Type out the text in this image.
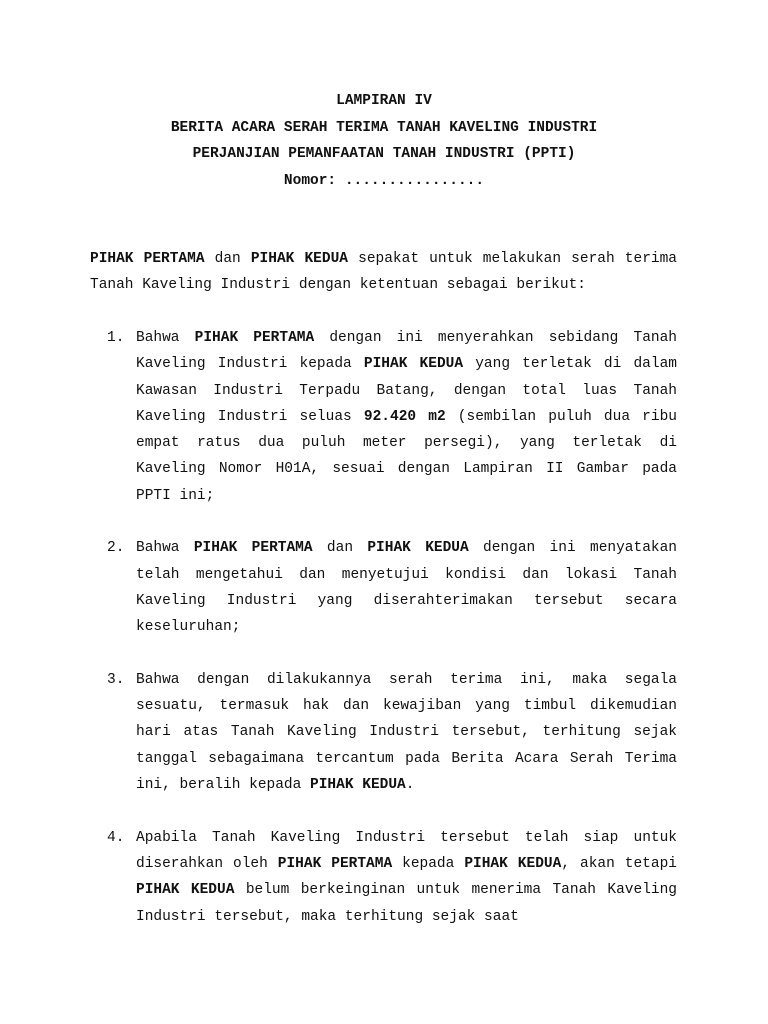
LAMPIRAN IV
BERITA ACARA SERAH TERIMA TANAH KAVELING INDUSTRI
PERJANJIAN PEMANFAATAN TANAH INDUSTRI (PPTI)
Nomor: ................

PIHAK PERTAMA dan PIHAK KEDUA sepakat untuk melakukan serah terima Tanah Kaveling Industri dengan ketentuan sebagai berikut:

1. Bahwa PIHAK PERTAMA dengan ini menyerahkan sebidang Tanah Kaveling Industri kepada PIHAK KEDUA yang terletak di dalam Kawasan Industri Terpadu Batang, dengan total luas Tanah Kaveling Industri seluas 92.420 m2 (sembilan puluh dua ribu empat ratus dua puluh meter persegi), yang terletak di Kaveling Nomor H01A, sesuai dengan Lampiran II Gambar pada PPTI ini;
2. Bahwa PIHAK PERTAMA dan PIHAK KEDUA dengan ini menyatakan telah mengetahui dan menyetujui kondisi dan lokasi Tanah Kaveling Industri yang diserahterimakan tersebut secara keseluruhan;
3. Bahwa dengan dilakukannya serah terima ini, maka segala sesuatu, termasuk hak dan kewajiban yang timbul dikemudian hari atas Tanah Kaveling Industri tersebut, terhitung sejak tanggal sebagaimana tercantum pada Berita Acara Serah Terima ini, beralih kepada PIHAK KEDUA.
4. Apabila Tanah Kaveling Industri tersebut telah siap untuk diserahkan oleh PIHAK PERTAMA kepada PIHAK KEDUA, akan tetapi PIHAK KEDUA belum berkeinginan untuk menerima Tanah Kaveling Industri tersebut, maka terhitung sejak saat
